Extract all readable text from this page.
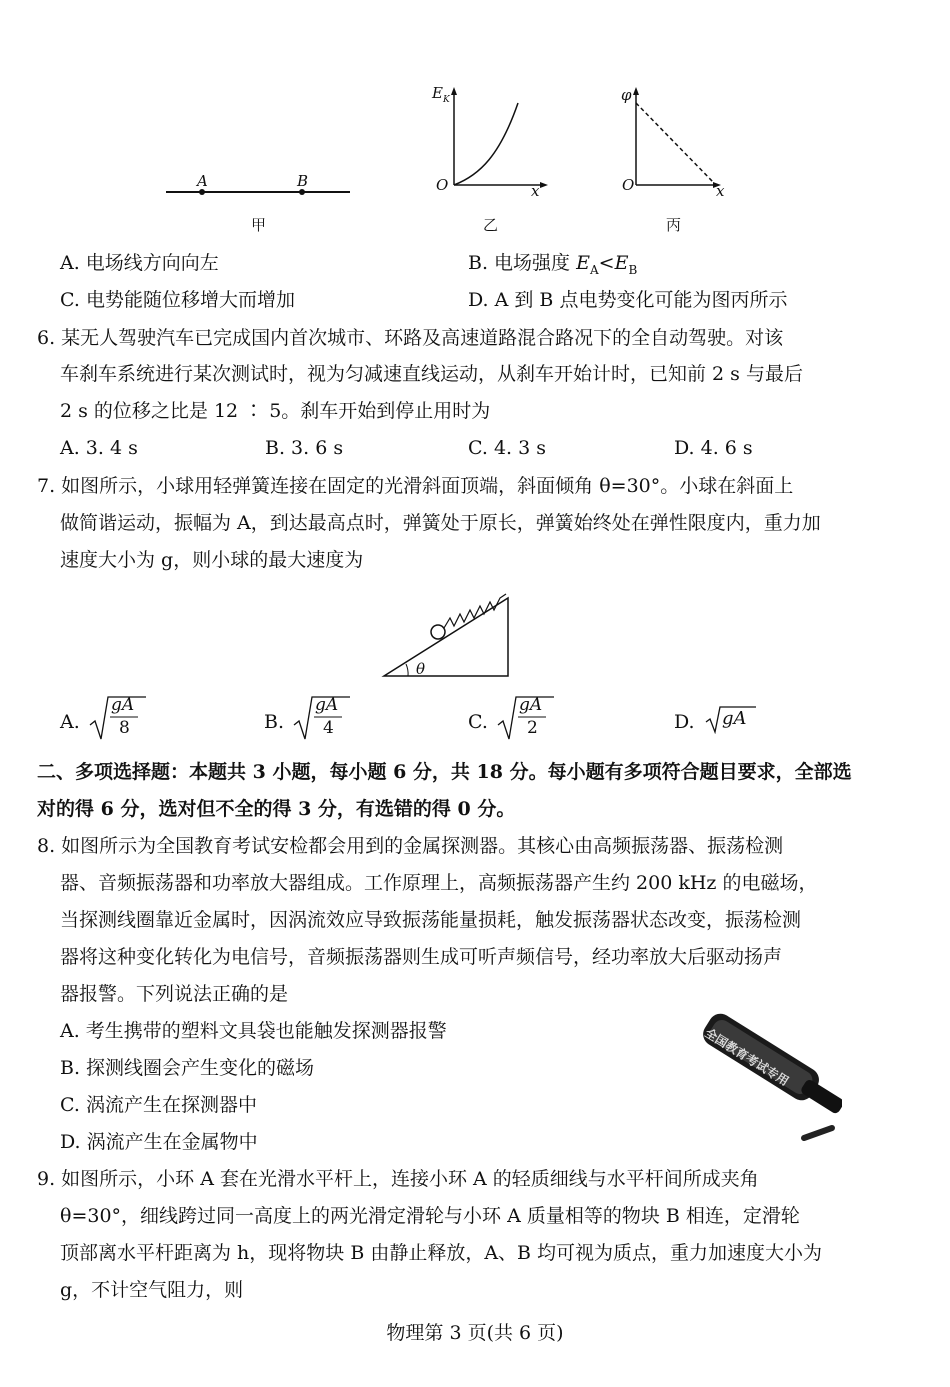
A	B
甲
$E_K$
O	x
乙
φ
O	x
丙
A. 电场线方向向左	B. 电场强度 $E_A<E_B$
C. 电势能随位移增大而增加	D. A 到 B 点电势变化可能为图丙所示
6. 某无人驾驶汽车已完成国内首次城市、环路及高速道路混合路况下的全自动驾驶。对该
车刹车系统进行某次测试时，视为匀减速直线运动，从刹车开始计时，已知前 2 s 与最后
2 s 的位移之比是 12 ∶ 5。刹车开始到停止用时为
A. 3. 4 s	B. 3. 6 s	C. 4. 3 s	D. 4. 6 s
7. 如图所示，小球用轻弹簧连接在固定的光滑斜面顶端，斜面倾角 θ=30°。小球在斜面上
做简谐运动，振幅为 A，到达最高点时，弹簧处于原长，弹簧始终处在弹性限度内，重力加
速度大小为 g，则小球的最大速度为
θ
A.
gA
8	B.
gA
4	C.
gA
2	D. gA
二、多项选择题：本题共 3 小题，每小题 6 分，共 18 分。每小题有多项符合题目要求，全部选
对的得 6 分，选对但不全的得 3 分，有选错的得 0 分。
8. 如图所示为全国教育考试安检都会用到的金属探测器。其核心由高频振荡器、振荡检测
器、音频振荡器和功率放大器组成。工作原理上，高频振荡器产生约 200 kHz 的电磁场，
当探测线圈靠近金属时，因涡流效应导致振荡能量损耗，触发振荡器状态改变，振荡检测
器将这种变化转化为电信号，音频振荡器则生成可听声频信号，经功率放大后驱动扬声
器报警。下列说法正确的是
A. 考生携带的塑料文具袋也能触发探测器报警
B. 探测线圈会产生变化的磁场
C. 涡流产生在探测器中
D. 涡流产生在金属物中
全国教育考试专用
9. 如图所示，小环 A 套在光滑水平杆上，连接小环 A 的轻质细线与水平杆间所成夹角
θ=30°，细线跨过同一高度上的两光滑定滑轮与小环 A 质量相等的物块 B 相连，定滑轮
顶部离水平杆距离为 h，现将物块 B 由静止释放，A、B 均可视为质点，重力加速度大小为
g，不计空气阻力，则
物理第 3 页(共 6 页)
